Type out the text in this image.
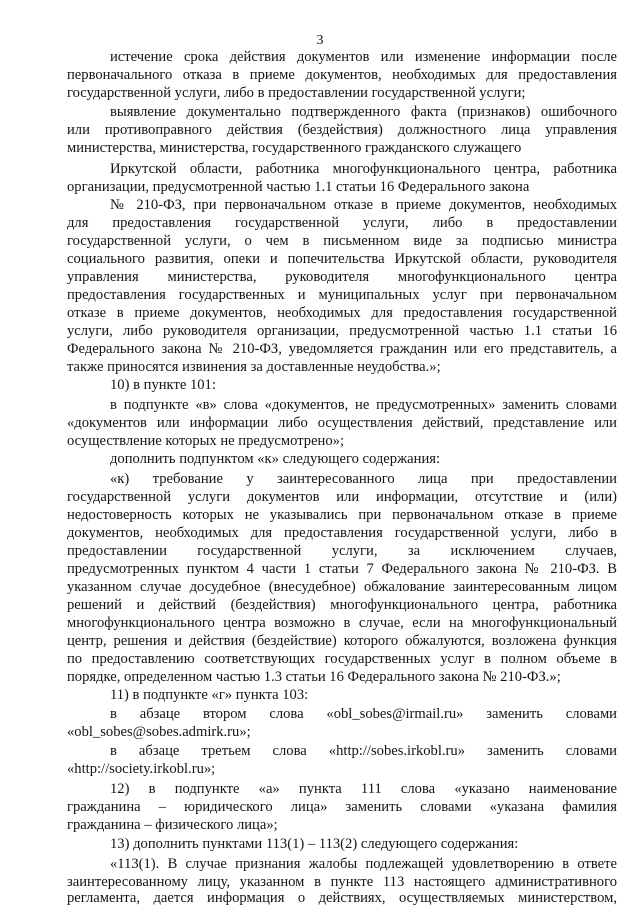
3
истечение срока действия документов или изменение информации после
первоначального отказа в приеме документов, необходимых для предоставления
государственной услуги, либо в предоставлении государственной услуги;
выявление документально подтвержденного факта (признаков) ошибочного
или противоправного действия (бездействия) должностного лица управления
министерства, министерства, государственного гражданского служащего
Иркутской области, работника многофункционального центра, работника
организации, предусмотренной частью 1.1 статьи 16 Федерального закона
№ 210-ФЗ, при первоначальном отказе в приеме документов, необходимых
для предоставления государственной услуги, либо в предоставлении
государственной услуги, о чем в письменном виде за подписью министра
социального развития, опеки и попечительства Иркутской области, руководителя
управления министерства, руководителя многофункционального центра
предоставления государственных и муниципальных услуг при первоначальном
отказе в приеме документов, необходимых для предоставления государственной
услуги, либо руководителя организации, предусмотренной частью 1.1 статьи 16
Федерального закона № 210-ФЗ, уведомляется гражданин или его представитель, а
также приносятся извинения за доставленные неудобства.»;
10) в пункте 101:
в подпункте «в» слова «документов, не предусмотренных» заменить словами
«документов или информации либо осуществления действий, представление или
осуществление которых не предусмотрено»;
дополнить подпунктом «к» следующего содержания:
«к) требование у заинтересованного лица при предоставлении
государственной услуги документов или информации, отсутствие и (или)
недостоверность которых не указывались при первоначальном отказе в приеме
документов, необходимых для предоставления государственной услуги, либо в
предоставлении государственной услуги, за исключением случаев,
предусмотренных пунктом 4 части 1 статьи 7 Федерального закона № 210-ФЗ. В
указанном случае досудебное (внесудебное) обжалование заинтересованным лицом
решений и действий (бездействия) многофункционального центра, работника
многофункционального центра возможно в случае, если на многофункциональный
центр, решения и действия (бездействие) которого обжалуются, возложена функция
по предоставлению соответствующих государственных услуг в полном объеме в
порядке, определенном частью 1.3 статьи 16 Федерального закона № 210-ФЗ.»;
11) в подпункте «г» пункта 103:
в абзаце втором слова «obl_sobes@irmail.ru» заменить словами
«obl_sobes@sobes.admirk.ru»;
в абзаце третьем слова «http://sobes.irkobl.ru» заменить словами
«http://society.irkobl.ru»;
12) в подпункте «а» пункта 111 слова «указано наименование
гражданина – юридического лица» заменить словами «указана фамилия
гражданина – физического лица»;
13) дополнить пунктами 113(1) – 113(2) следующего содержания:
«113(1). В случае признания жалобы подлежащей удовлетворению в ответе
заинтересованному лицу, указанном в пункте 113 настоящего административного
регламента, дается информация о действиях, осуществляемых министерством,
